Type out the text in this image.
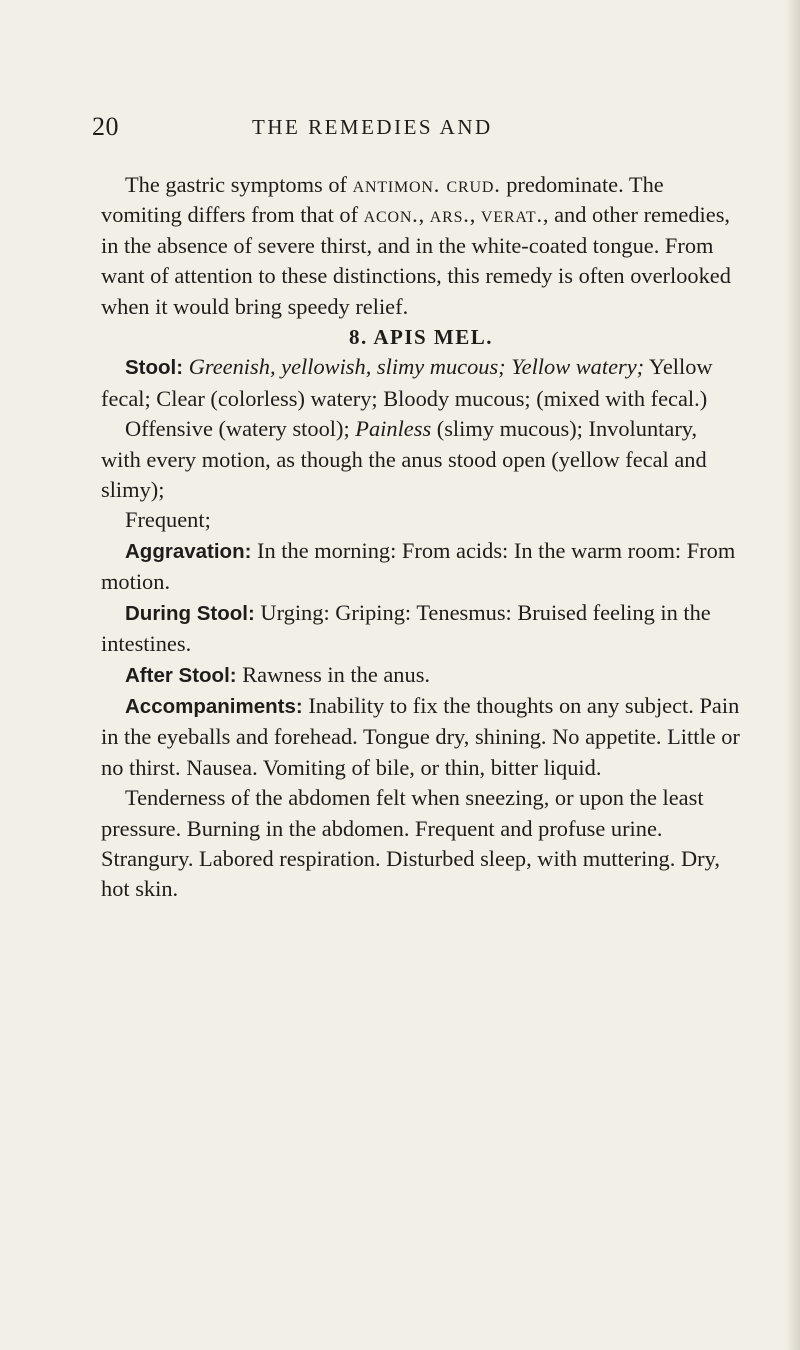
20	THE REMEDIES AND

The gastric symptoms of antimon. crud. predominate. The vomiting differs from that of acon., ars., verat., and other remedies, in the absence of severe thirst, and in the white-coated tongue. From want of attention to these distinctions, this remedy is often overlooked when it would bring speedy relief.

8. APIS MEL.

Stool: Greenish, yellowish, slimy mucous; Yellow watery; Yellow fecal; Clear (colorless) watery; Bloody mucous; (mixed with fecal.)

Offensive (watery stool); Painless (slimy mucous); Involuntary, with every motion, as though the anus stood open (yellow fecal and slimy);

Frequent;

Aggravation: In the morning: From acids: In the warm room: From motion.

During Stool: Urging: Griping: Tenesmus: Bruised feeling in the intestines.

After Stool: Rawness in the anus.

Accompaniments: Inability to fix the thoughts on any subject. Pain in the eyeballs and forehead. Tongue dry, shining. No appetite. Little or no thirst. Nausea. Vomiting of bile, or thin, bitter liquid.

Tenderness of the abdomen felt when sneezing, or upon the least pressure. Burning in the abdomen. Frequent and profuse urine. Strangury. Labored respiration. Disturbed sleep, with muttering. Dry, hot skin.
